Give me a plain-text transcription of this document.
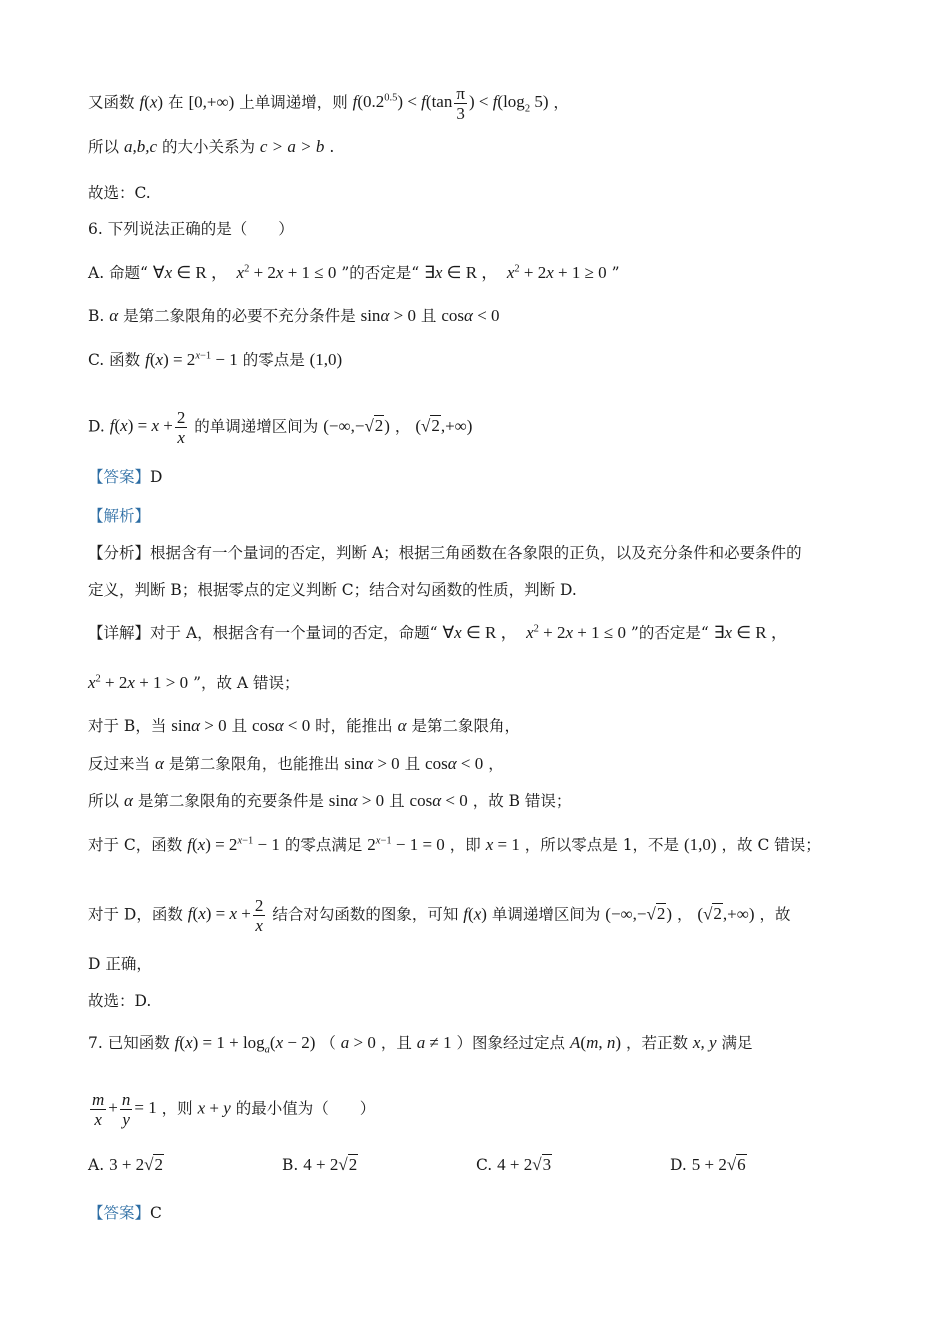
又函数 f(x) 在 [0,+∞) 上单调递增，则 $f(0.2^{0.5}) < f(\tan \frac{\pi}{3}$ ) < $f(\log_2$ 5) ，
所以 a,b,c 的大小关系为 c > a > b .
故选：C.
6. 下列说法正确的是（　　）
A. 命题“ ∀x ∈ R ，  $x^2 + 2x + 1 \le 0$ ”的否定是“ ∃x ∈ R ，  $x^2 + 2x + 1 \ge 0$ ”
B. α 是第二象限角的必要不充分条件是 sinα > 0 且 cosα < 0
C. 函数 $f(x) = 2^{x-1} - 1$ 的零点是 (1,0)
D. $f(x) = x + \frac{2}{x}$ 的单调递增区间为 (−∞,−√2) ， (√2,+∞)
【答案】D
【解析】
【分析】根据含有一个量词的否定，判断 A；根据三角函数在各象限的正负，以及充分条件和必要条件的
定义，判断 B；根据零点的定义判断 C；结合对勾函数的性质，判断 D.
【详解】对于 A，根据含有一个量词的否定，命题“ ∀x ∈ R ，  $x^2 + 2x + 1 \le 0$ ”的否定是“ ∃x ∈ R ，
$x^2 + 2x + 1 > 0$ ”，故 A 错误；
对于 B，当 sinα > 0 且 cosα < 0 时，能推出 α 是第二象限角，
反过来当 α 是第二象限角，也能推出 sinα > 0 且 cosα < 0 ，
所以 α 是第二象限角的充要条件是 sinα > 0 且 cosα < 0 ，故 B 错误；
对于 C，函数 $f(x) = 2^{x-1} - 1$ 的零点满足 $2^{x-1} - 1 = 0$ ，即 x = 1 ，所以零点是 1，不是 (1,0) ，故 C 错误；
对于 D，函数 $f(x) = x + \frac{2}{x}$ 结合对勾函数的图象，可知 f(x) 单调递增区间为 (−∞,−√2) ， (√2,+∞) ，故
D 正确，
故选：D.
7. 已知函数 $f(x) = 1 + \log_a(x - 2)$ （ a > 0 ，且 a ≠ 1 ）图象经过定点 A(m, n) ，若正数 x, y 满足
$\frac{m}{x} + \frac{n}{y} = 1$ ，则 x + y 的最小值为（　　）
A. 3 + 2√2	B. 4 + 2√2	C. 4 + 2√3	D. 5 + 2√6
【答案】C
